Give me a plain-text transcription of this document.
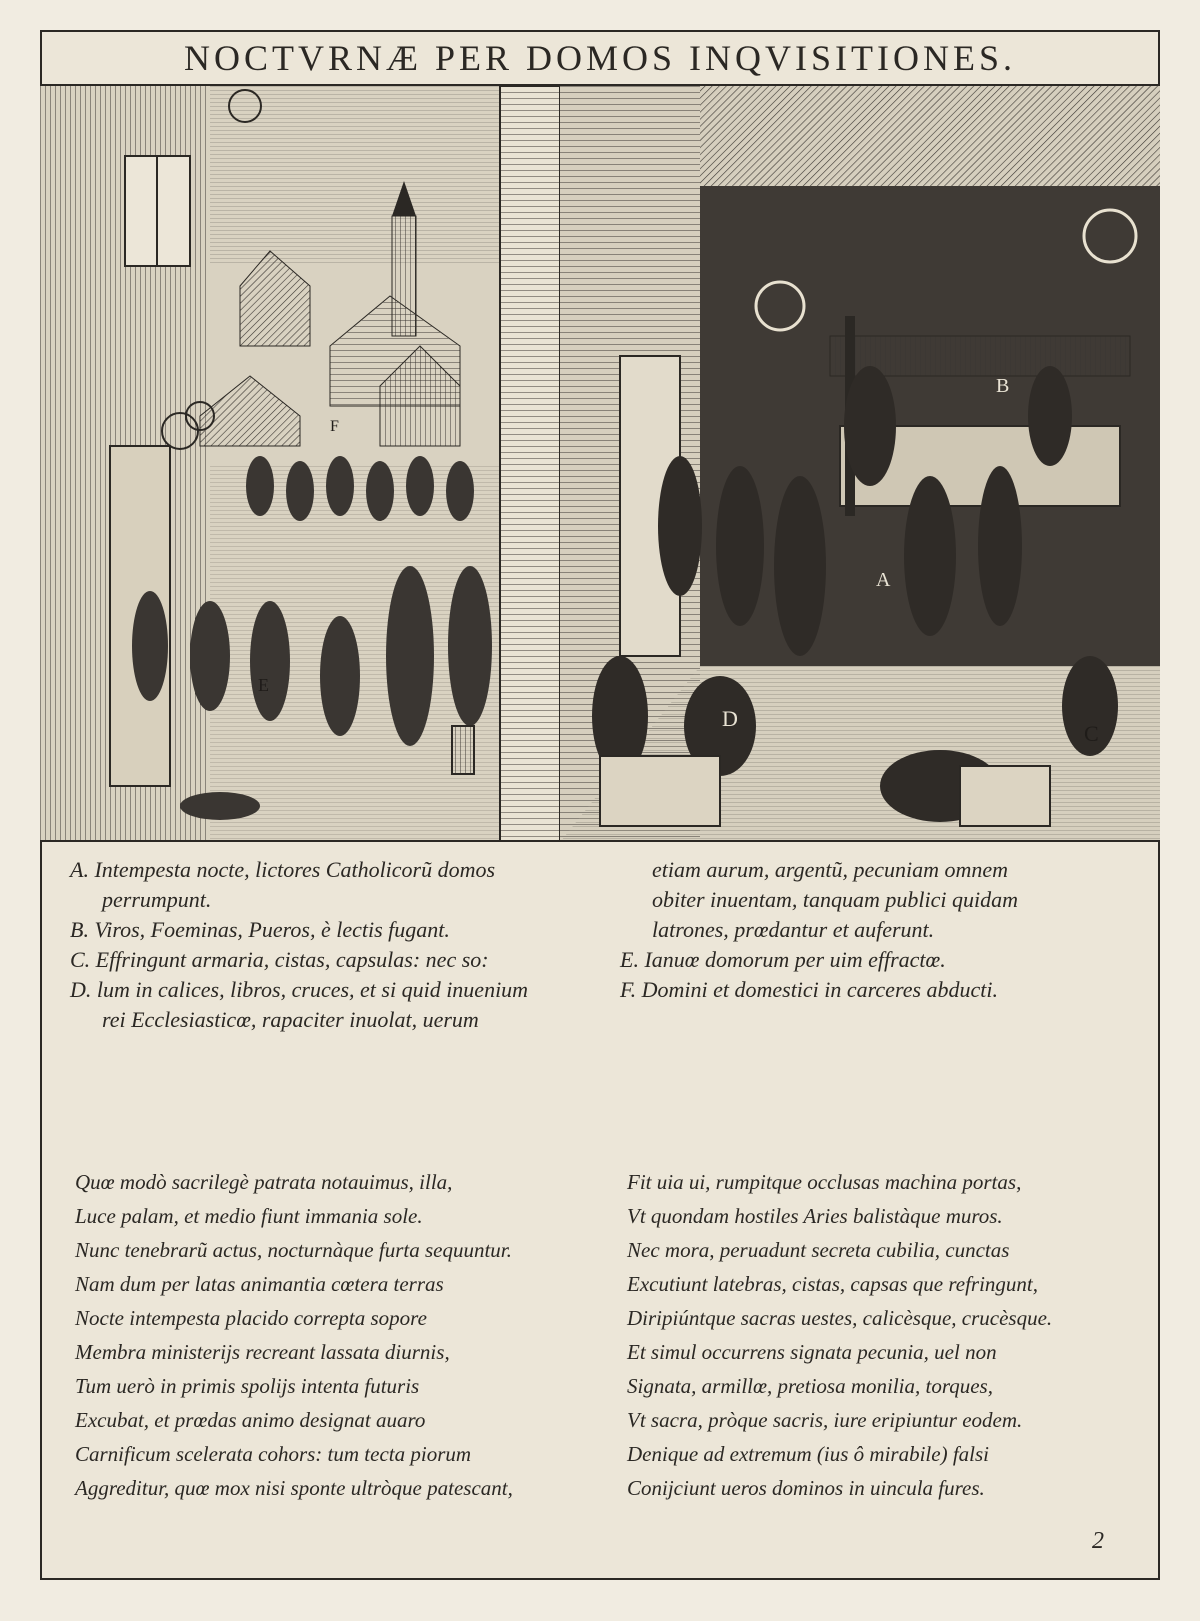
NOCTVRNÆ PER DOMOS INQVISITIONES.
F
E
A
B
C
D
A. Intempesta nocte, lictores Catholicorũ domos
perrumpunt.
B. Viros, Foeminas, Pueros, è lectis fugant.
C. Effringunt armaria, cistas, capsulas: nec so:
D. lum in calices, libros, cruces, et si quid inuenium
rei Ecclesiasticœ, rapaciter inuolat, uerum
etiam aurum, argentũ, pecuniam omnem
obiter inuentam, tanquam publici quidam
latrones, prœdantur et auferunt.
E. Ianuœ domorum per uim effractœ.
F. Domini et domestici in carceres abducti.
Quœ modò sacrilegè patrata notauimus, illa,
Luce palam, et medio fiunt immania sole.
Nunc tenebrarũ actus, nocturnàque furta sequuntur.
Nam dum per latas animantia cœtera terras
Nocte intempesta placido correpta sopore
Membra ministerijs recreant lassata diurnis,
Tum uerò in primis spolijs intenta futuris
Excubat, et prœdas animo designat auaro
Carnificum scelerata cohors: tum tecta piorum
Aggreditur, quœ mox nisi sponte ultròque patescant,
Fit uia ui, rumpitque occlusas machina portas,
Vt quondam hostiles Aries balistàque muros.
Nec mora, peruadunt secreta cubilia, cunctas
Excutiunt latebras, cistas, capsas que refringunt,
Diripiúntque sacras uestes, calicèsque, crucèsque.
Et simul occurrens signata pecunia, uel non
Signata, armillœ, pretiosa monilia, torques,
Vt sacra, pròque sacris, iure eripiuntur eodem.
Denique ad extremum (ius ô mirabile) falsi
Conijciunt ueros dominos in uincula fures.
2
